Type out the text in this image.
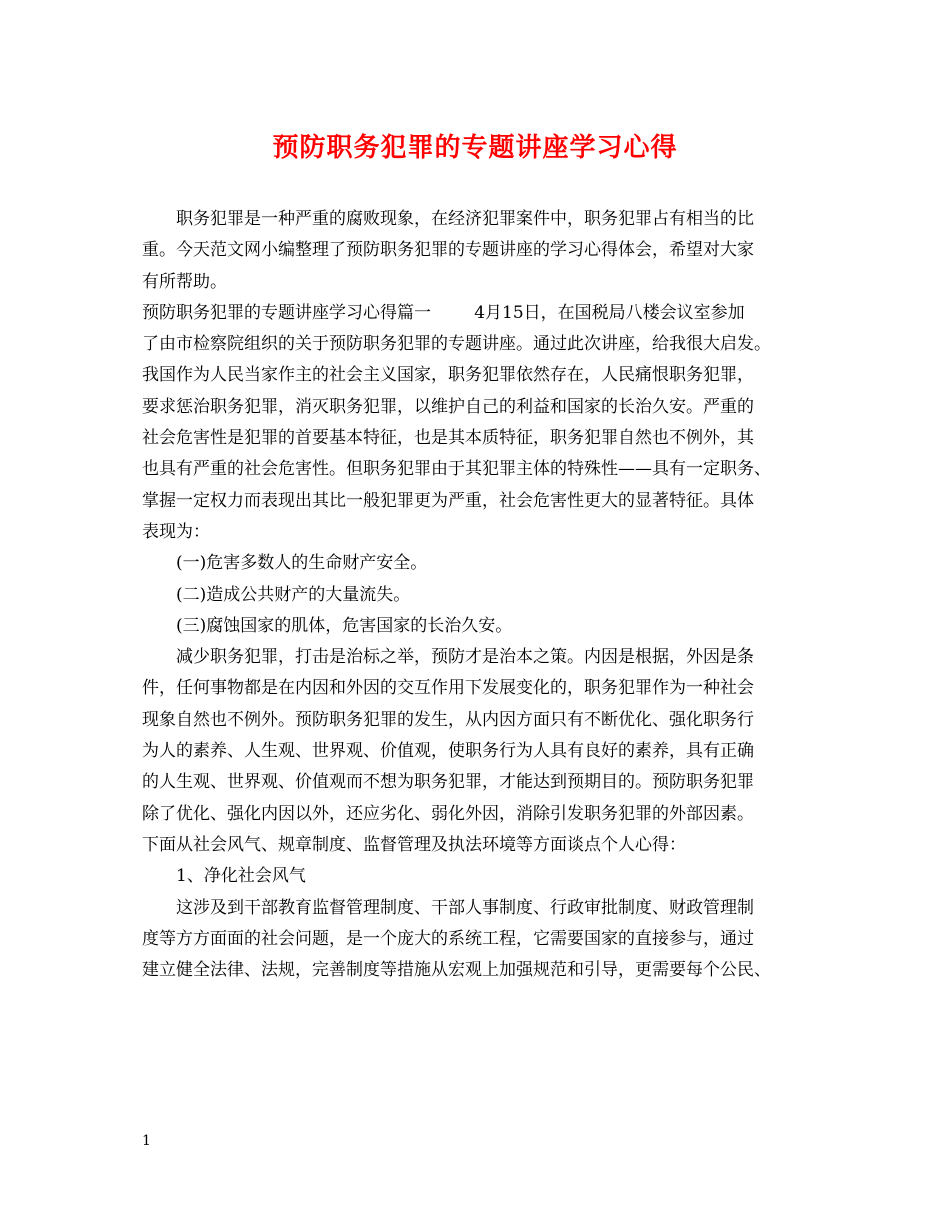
预防职务犯罪的专题讲座学习心得
职务犯罪是一种严重的腐败现象，在经济犯罪案件中，职务犯罪占有相当的比
重。今天范文网小编整理了预防职务犯罪的专题讲座的学习心得体会，希望对大家
有所帮助。
预防职务犯罪的专题讲座学习心得篇一        4月15日，在国税局八楼会议室参加
了由市检察院组织的关于预防职务犯罪的专题讲座。通过此次讲座，给我很大启发。
我国作为人民当家作主的社会主义国家，职务犯罪依然存在，人民痛恨职务犯罪，
要求惩治职务犯罪，消灭职务犯罪，以维护自己的利益和国家的长治久安。严重的
社会危害性是犯罪的首要基本特征，也是其本质特征，职务犯罪自然也不例外，其
也具有严重的社会危害性。但职务犯罪由于其犯罪主体的特殊性——具有一定职务、
掌握一定权力而表现出其比一般犯罪更为严重，社会危害性更大的显著特征。具体
表现为：
(一)危害多数人的生命财产安全。
(二)造成公共财产的大量流失。
(三)腐蚀国家的肌体，危害国家的长治久安。
减少职务犯罪，打击是治标之举，预防才是治本之策。内因是根据，外因是条
件，任何事物都是在内因和外因的交互作用下发展变化的，职务犯罪作为一种社会
现象自然也不例外。预防职务犯罪的发生，从内因方面只有不断优化、强化职务行
为人的素养、人生观、世界观、价值观，使职务行为人具有良好的素养，具有正确
的人生观、世界观、价值观而不想为职务犯罪，才能达到预期目的。预防职务犯罪
除了优化、强化内因以外，还应劣化、弱化外因，消除引发职务犯罪的外部因素。
下面从社会风气、规章制度、监督管理及执法环境等方面谈点个人心得：
1、净化社会风气
这涉及到干部教育监督管理制度、干部人事制度、行政审批制度、财政管理制
度等方方面面的社会问题，是一个庞大的系统工程，它需要国家的直接参与，通过
建立健全法律、法规，完善制度等措施从宏观上加强规范和引导，更需要每个公民、
1
